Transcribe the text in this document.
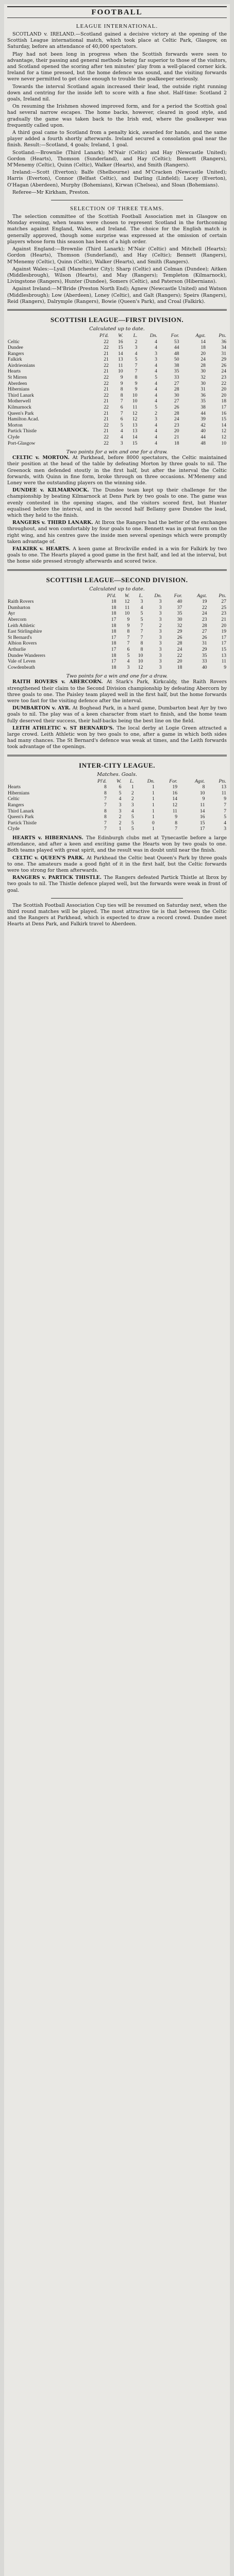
FOOTBALL
LEAGUE INTERNATIONAL.

SCOTLAND v. IRELAND.—Scotland gained a decisive victory at the opening of the Scottish League international match, which took place at Celtic Park, Glasgow, on Saturday, before an attendance of 40,000 spectators.

Play had not been long in progress when the Scottish forwards were seen to advantage, their passing and general methods being far superior to those of the visitors, and Scotland opened the scoring after ten minutes' play from a well-placed corner kick. Ireland for a time pressed, but the home defence was sound, and the visiting forwards were never permitted to get close enough to trouble the goalkeeper seriously.

Towards the interval Scotland again increased their lead, the outside right running down and centring for the inside left to score with a fine shot. Half-time: Scotland 2 goals, Ireland nil.

On resuming the Irishmen showed improved form, and for a period the Scottish goal had several narrow escapes. The home backs, however, cleared in good style, and gradually the game was taken back to the Irish end, where the goalkeeper was frequently called upon.

A third goal came to Scotland from a penalty kick, awarded for hands, and the same player added a fourth shortly afterwards. Ireland secured a consolation goal near the finish. Result:—Scotland, 4 goals; Ireland, 1 goal.

Scotland:—Brownlie (Third Lanark); M'Nair (Celtic) and Hay (Newcastle United); Gordon (Hearts), Thomson (Sunderland), and Hay (Celtic); Bennett (Rangers), M'Menemy (Celtic), Quinn (Celtic), Walker (Hearts), and Smith (Rangers).

Ireland:—Scott (Everton); Balfe (Shelbourne) and M'Cracken (Newcastle United); Harris (Everton), Connor (Belfast Celtic), and Darling (Linfield); Lacey (Everton), O'Hagan (Aberdeen), Murphy (Bohemians), Kirwan (Chelsea), and Sloan (Bohemians).

Referee—Mr Kirkham, Preston.

SELECTION OF THREE TEAMS.

The selection committee of the Scottish Football Association met in Glasgow on Monday evening, when teams were chosen to represent Scotland in the forthcoming matches against England, Wales, and Ireland. The choice for the English match is generally approved, though some surprise was expressed at the omission of certain players whose form this season has been of a high order.

Against England:—Brownlie (Third Lanark); M'Nair (Celtic) and Mitchell (Hearts); Gordon (Hearts), Thomson (Sunderland), and Hay (Celtic); Bennett (Rangers), M'Menemy (Celtic), Quinn (Celtic), Walker (Hearts), and Smith (Rangers).

Against Wales:—Lyall (Manchester City); Sharp (Celtic) and Colman (Dundee); Aitken (Middlesbrough), Wilson (Hearts), and May (Rangers); Templeton (Kilmarnock), Livingstone (Rangers), Hunter (Dundee), Somers (Celtic), and Paterson (Hibernians).

Against Ireland:—M'Bride (Preston North End); Agnew (Newcastle United) and Watson (Middlesbrough); Low (Aberdeen), Loney (Celtic), and Galt (Rangers); Speirs (Rangers), Reid (Rangers), Dalrymple (Rangers), Bowie (Queen's Park), and Croal (Falkirk).

SCOTTISH LEAGUE—FIRST DIVISION.

Calculated up to date.

	Pl'd.	W.	L.	Dn.	For.	Agst.	Pts.
Celtic	22	16	2	4	53	14	36
Dundee	22	15	3	4	44	18	34
Rangers	21	14	4	3	48	20	31
Falkirk	21	13	5	3	50	24	29
Airdrieonians	22	11	7	4	38	28	26
Hearts	21	10	7	4	35	30	24
St Mirren	22	9	8	5	33	32	23
Aberdeen	22	9	9	4	27	30	22
Hibernians	21	8	9	4	28	31	20
Third Lanark	22	8	10	4	30	36	20
Motherwell	21	7	10	4	27	35	18
Kilmarnock	22	6	11	5	26	38	17
Queen's Park	21	7	12	2	28	44	16
Hamilton Acad.	21	6	12	3	24	39	15
Morton	22	5	13	4	23	42	14
Partick Thistle	21	4	13	4	20	40	12
Clyde	22	4	14	4	21	44	12
Port-Glasgow	22	3	15	4	18	48	10

Two points for a win and one for a draw.

CELTIC v. MORTON. At Parkhead, before 8000 spectators, the Celtic maintained their position at the head of the table by defeating Morton by three goals to nil. The Greenock men defended stoutly in the first half, but after the interval the Celtic forwards, with Quinn in fine form, broke through on three occasions. M'Menemy and Loney were the outstanding players on the winning side.

DUNDEE v. KILMARNOCK. The Dundee team kept up their challenge for the championship by beating Kilmarnock at Dens Park by two goals to one. The game was evenly contested in the opening stages, and the visitors scored first, but Hunter equalised before the interval, and in the second half Bellamy gave Dundee the lead, which they held to the finish.

RANGERS v. THIRD LANARK. At Ibrox the Rangers had the better of the exchanges throughout, and won comfortably by four goals to one. Bennett was in great form on the right wing, and his centres gave the inside men several openings which were promptly taken advantage of.

FALKIRK v. HEARTS. A keen game at Brockville ended in a win for Falkirk by two goals to one. The Hearts played a good game in the first half, and led at the interval, but the home side pressed strongly afterwards and scored twice.

SCOTTISH LEAGUE—SECOND DIVISION.

Calculated up to date.

	Pl'd.	W.	L.	Dn.	For.	Agst.	Pts.
Raith Rovers	18	12	3	3	40	19	27
Dumbarton	18	11	4	3	37	22	25
Ayr	18	10	5	3	35	24	23
Abercorn	17	9	5	3	30	23	21
Leith Athletic	18	9	7	2	32	28	20
East Stirlingshire	18	8	7	3	29	27	19
St Bernard's	17	7	7	3	26	26	17
Albion Rovers	18	7	8	3	28	31	17
Arthurlie	17	6	8	3	24	29	15
Dundee Wanderers	18	5	10	3	22	35	13
Vale of Leven	17	4	10	3	20	33	11
Cowdenbeath	18	3	12	3	18	40	9

Two points for a win and one for a draw.

RAITH ROVERS v. ABERCORN. At Stark's Park, Kirkcaldy, the Raith Rovers strengthened their claim to the Second Division championship by defeating Abercorn by three goals to one. The Paisley team played well in the first half, but the home forwards were too fast for the visiting defence after the interval.

DUMBARTON v. AYR. At Boghead Park, in a hard game, Dumbarton beat Ayr by two goals to nil. The play was of a keen character from start to finish, and the home team fully deserved their success, their half-backs being the best line on the field.

LEITH ATHLETIC v. ST BERNARD'S. The local derby at Logie Green attracted a large crowd. Leith Athletic won by two goals to one, after a game in which both sides had many chances. The St Bernard's defence was weak at times, and the Leith forwards took advantage of the openings.

INTER-CITY LEAGUE.

Matches. Goals.

	Pl'd.	W.	L.	Dn.	For.	Agst.	Pts.
Hearts	8	6	1	1	19	8	13
Hibernians	8	5	2	1	16	10	11
Celtic	7	4	2	1	14	9	9
Rangers	7	3	3	1	12	11	7
Third Lanark	8	3	4	1	11	14	7
Queen's Park	8	2	5	1	9	16	5
Partick Thistle	7	2	5	0	8	15	4
Clyde	7	1	5	1	7	17	3

HEARTS v. HIBERNIANS. The Edinburgh clubs met at Tynecastle before a large attendance, and after a keen and exciting game the Hearts won by two goals to one. Both teams played with great spirit, and the result was in doubt until near the finish.

CELTIC v. QUEEN'S PARK. At Parkhead the Celtic beat Queen's Park by three goals to one. The amateurs made a good fight of it in the first half, but the Celtic forwards were too strong for them afterwards.

RANGERS v. PARTICK THISTLE. The Rangers defeated Partick Thistle at Ibrox by two goals to nil. The Thistle defence played well, but the forwards were weak in front of goal.

The Scottish Football Association Cup ties will be resumed on Saturday next, when the third round matches will be played. The most attractive tie is that between the Celtic and the Rangers at Parkhead, which is expected to draw a record crowd. Dundee meet Hearts at Dens Park, and Falkirk travel to Aberdeen.
